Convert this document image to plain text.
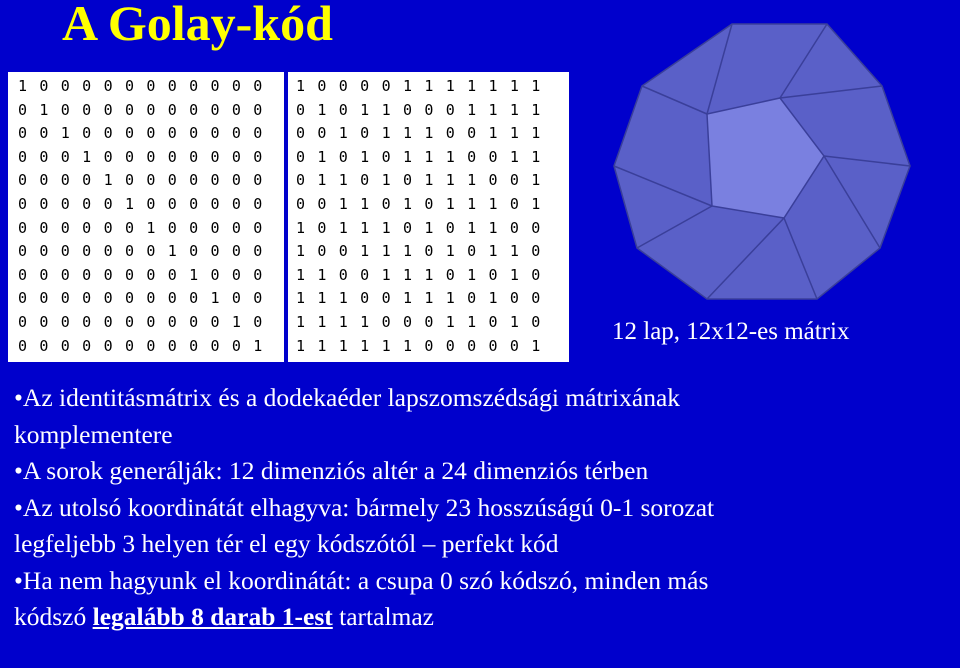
A Golay-kód
1 0 0 0 0 0 0 0 0 0 0 0
0 1 0 0 0 0 0 0 0 0 0 0
0 0 1 0 0 0 0 0 0 0 0 0
0 0 0 1 0 0 0 0 0 0 0 0
0 0 0 0 1 0 0 0 0 0 0 0
0 0 0 0 0 1 0 0 0 0 0 0
0 0 0 0 0 0 1 0 0 0 0 0
0 0 0 0 0 0 0 1 0 0 0 0
0 0 0 0 0 0 0 0 1 0 0 0
0 0 0 0 0 0 0 0 0 1 0 0
0 0 0 0 0 0 0 0 0 0 1 0
0 0 0 0 0 0 0 0 0 0 0 1
1 0 0 0 0 1 1 1 1 1 1 1
0 1 0 1 1 0 0 0 1 1 1 1
0 0 1 0 1 1 1 0 0 1 1 1
0 1 0 1 0 1 1 1 0 0 1 1
0 1 1 0 1 0 1 1 1 0 0 1
0 0 1 1 0 1 0 1 1 1 0 1
1 0 1 1 1 0 1 0 1 1 0 0
1 0 0 1 1 1 0 1 0 1 1 0
1 1 0 0 1 1 1 0 1 0 1 0
1 1 1 0 0 1 1 1 0 1 0 0
1 1 1 1 0 0 0 1 1 0 1 0
1 1 1 1 1 1 0 0 0 0 0 1
12 lap, 12x12-es mátrix

•Az identitásmátrix és a dodekaéder lapszomszédsági mátrixának

komplementere

•A sorok generálják: 12 dimenziós altér a 24 dimenziós térben

•Az utolsó koordinátát elhagyva: bármely 23 hosszúságú 0-1 sorozat

legfeljebb 3 helyen tér el egy kódszótól – perfekt kód

•Ha nem hagyunk el koordinátát: a csupa 0 szó kódszó, minden más

kódszó legalább 8 darab 1-est tartalmaz
